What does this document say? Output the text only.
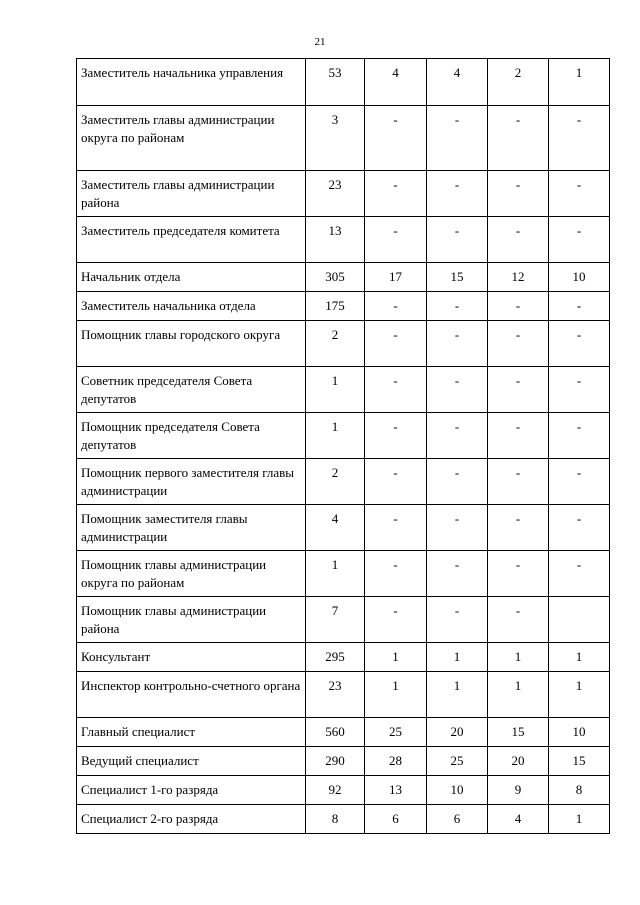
21
Заместитель начальника управления	53	4	4	2	1
Заместитель главы администрации округа по районам	3	-	-	-	-
Заместитель главы администрации района	23	-	-	-	-
Заместитель председателя комитета	13	-	-	-	-
Начальник отдела	305	17	15	12	10
Заместитель начальника отдела	175	-	-	-	-
Помощник главы городского округа	2	-	-	-	-
Советник председателя Совета депутатов	1	-	-	-	-
Помощник председателя Совета депутатов	1	-	-	-	-
Помощник первого заместителя главы администрации	2	-	-	-	-
Помощник заместителя главы администрации	4	-	-	-	-
Помощник главы администрации округа по районам	1	-	-	-	-
Помощник главы администрации района	7	-	-	-	
Консультант	295	1	1	1	1
Инспектор контрольно-счетного органа	23	1	1	1	1
Главный специалист	560	25	20	15	10
Ведущий специалист	290	28	25	20	15
Специалист 1-го разряда	92	13	10	9	8
Специалист 2-го разряда	8	6	6	4	1
